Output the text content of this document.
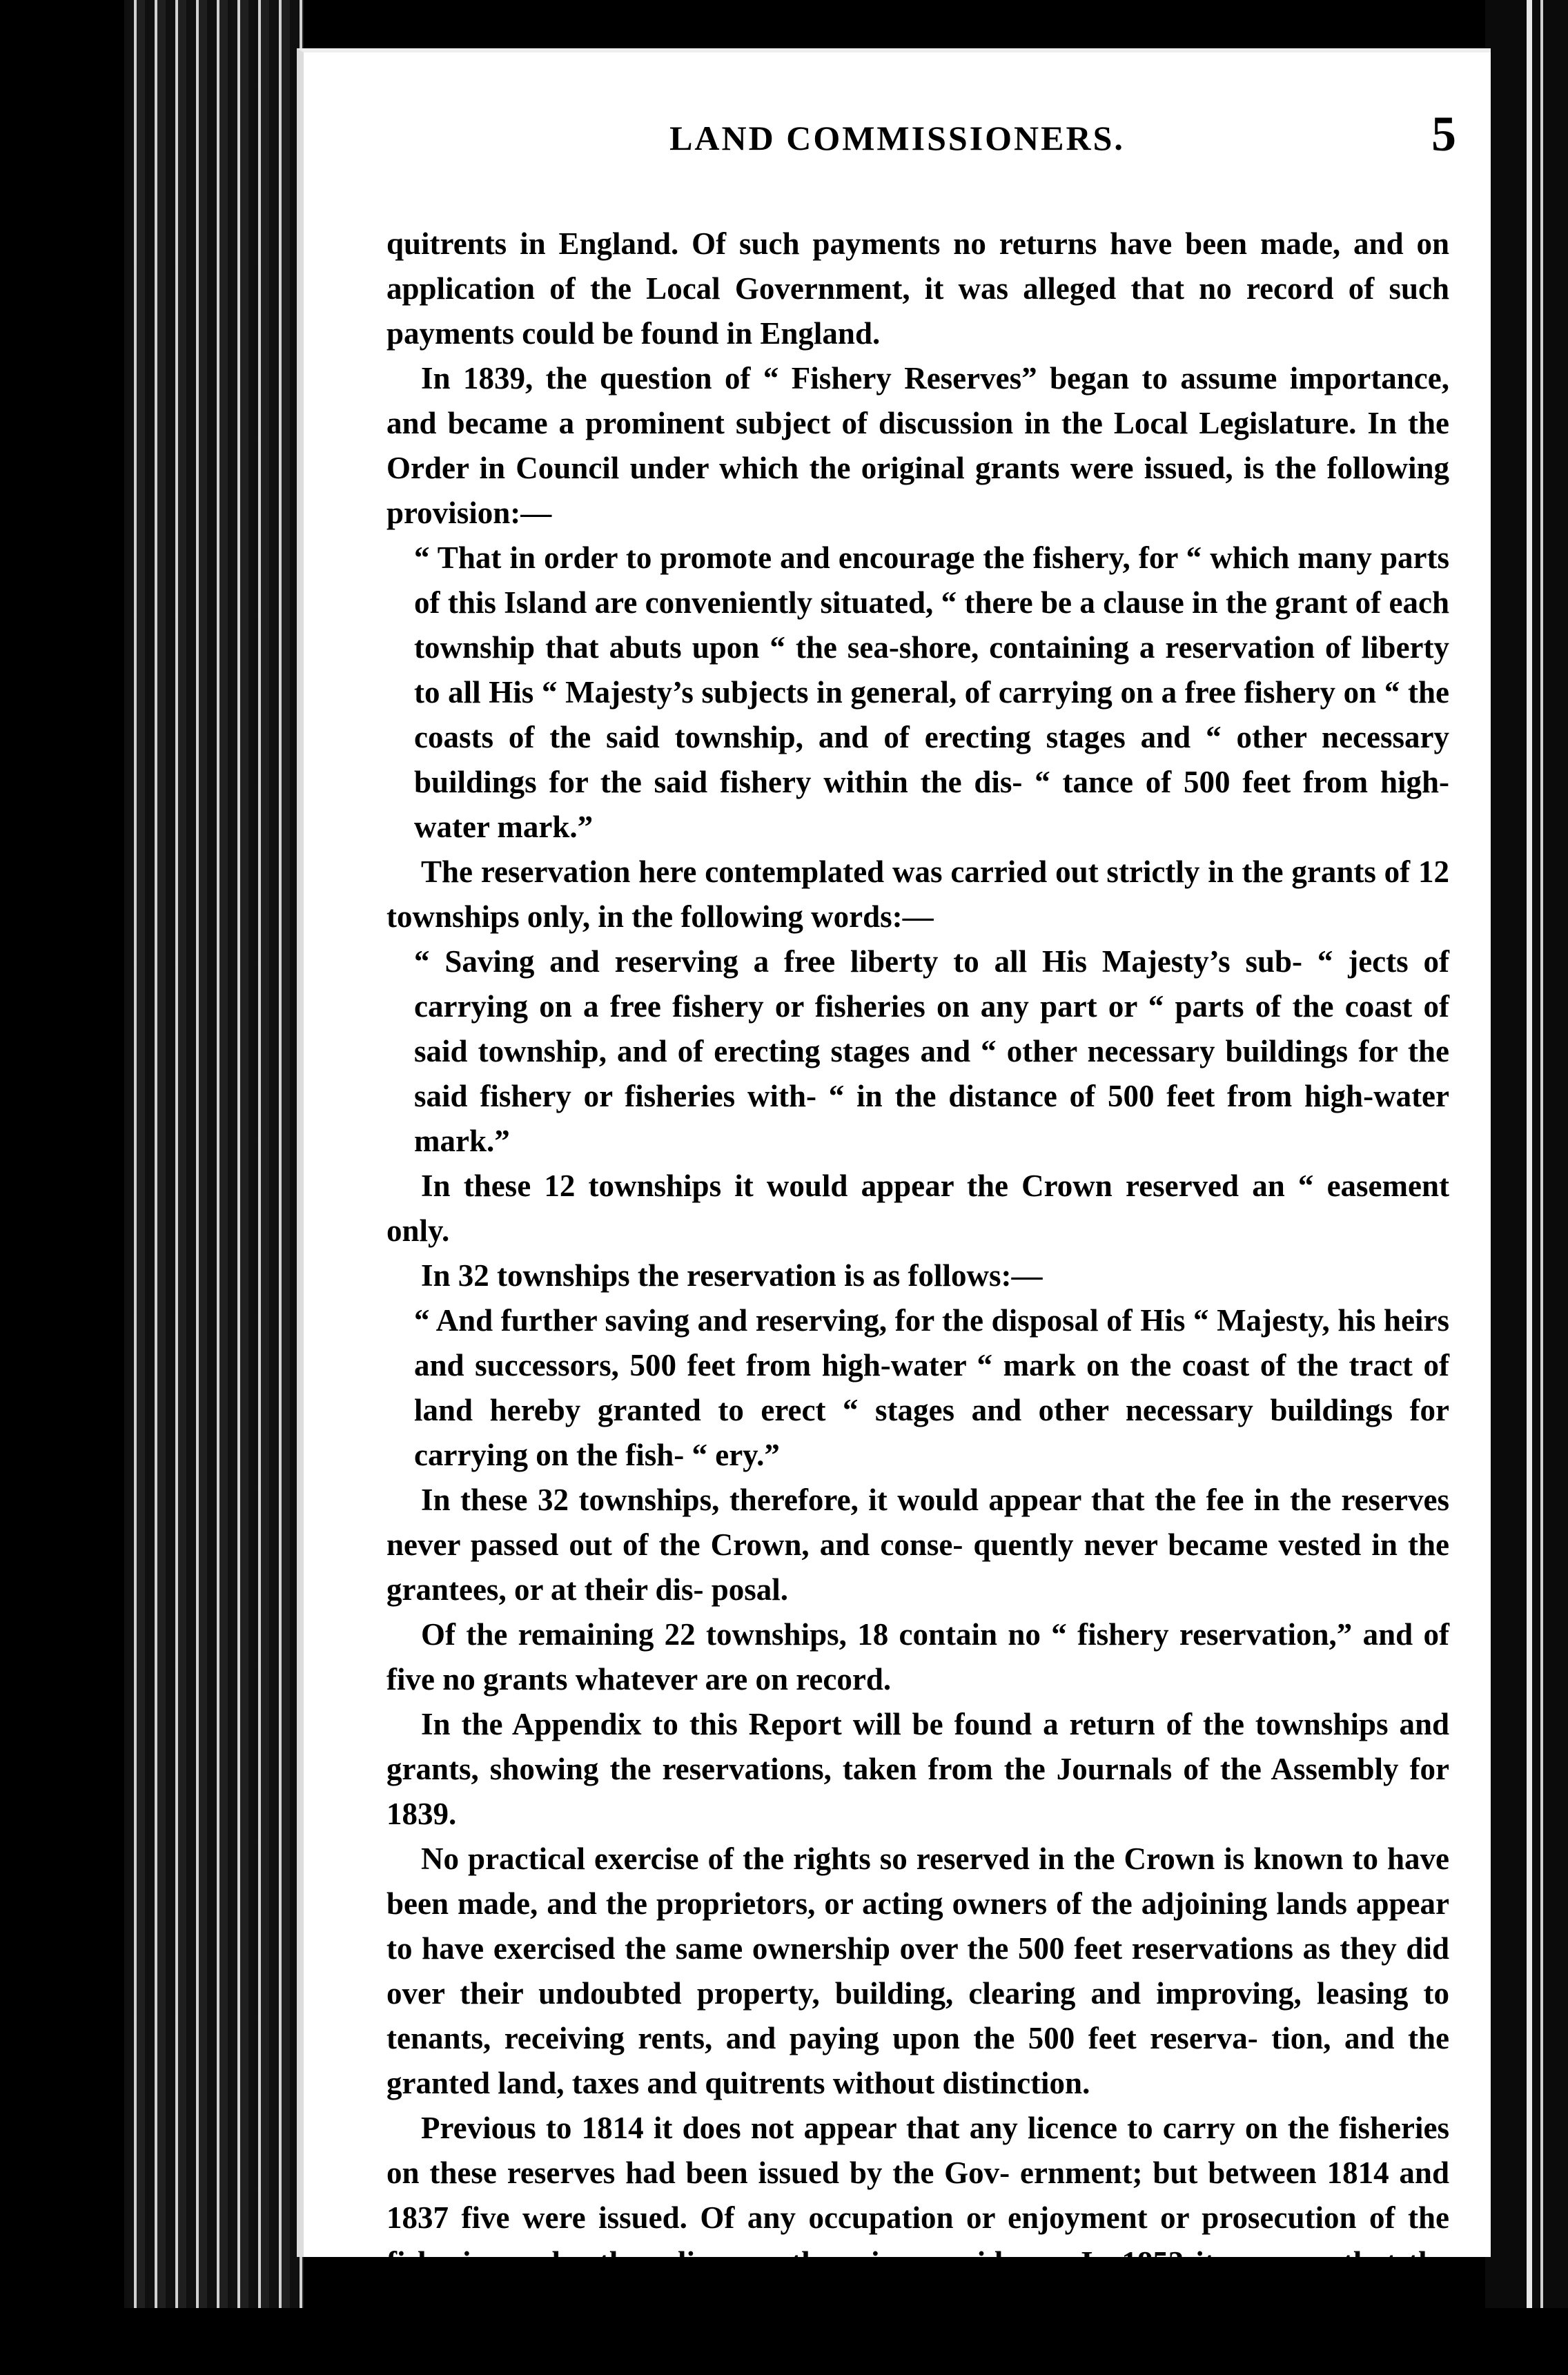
LAND COMMISSIONERS.	5

quitrents in England. Of such payments no returns have been made, and on application of the Local Government, it was alleged that no record of such payments could be found in England.

In 1839, the question of “ Fishery Reserves” began to assume importance, and became a prominent subject of discussion in the Local Legislature. In the Order in Council under which the original grants were issued, is the following provision:—

“ That in order to promote and encourage the fishery, for “ which many parts of this Island are conveniently situated, “ there be a clause in the grant of each township that abuts upon “ the sea-shore, containing a reservation of liberty to all His “ Majesty’s subjects in general, of carrying on a free fishery on “ the coasts of the said township, and of erecting stages and “ other necessary buildings for the said fishery within the dis- “ tance of 500 feet from high-water mark.”

The reservation here contemplated was carried out strictly in the grants of 12 townships only, in the following words:—

“ Saving and reserving a free liberty to all His Majesty’s sub- “ jects of carrying on a free fishery or fisheries on any part or “ parts of the coast of said township, and of erecting stages and “ other necessary buildings for the said fishery or fisheries with- “ in the distance of 500 feet from high-water mark.”

In these 12 townships it would appear the Crown reserved an “ easement only.

In 32 townships the reservation is as follows:—

“ And further saving and reserving, for the disposal of His “ Majesty, his heirs and successors, 500 feet from high-water “ mark on the coast of the tract of land hereby granted to erect “ stages and other necessary buildings for carrying on the fish- “ ery.”

In these 32 townships, therefore, it would appear that the fee in the reserves never passed out of the Crown, and conse- quently never became vested in the grantees, or at their dis- posal.

Of the remaining 22 townships, 18 contain no “ fishery reservation,” and of five no grants whatever are on record.

In the Appendix to this Report will be found a return of the townships and grants, showing the reservations, taken from the Journals of the Assembly for 1839.

No practical exercise of the rights so reserved in the Crown is known to have been made, and the proprietors, or acting owners of the adjoining lands appear to have exercised the same ownership over the 500 feet reservations as they did over their undoubted property, building, clearing and improving, leasing to tenants, receiving rents, and paying upon the 500 feet reserva- tion, and the granted land, taxes and quitrents without distinction.

Previous to 1814 it does not appear that any licence to carry on the fisheries on these reserves had been issued by the Gov- ernment; but between 1814 and 1837 five were issued. Of any occupation or enjoyment or prosecution of the fisheries under these licences there is no evidence. In 1853 it appears that the Government again issued some few licences, but their right to do so was disputed by the parties in occupation of the reserves;
